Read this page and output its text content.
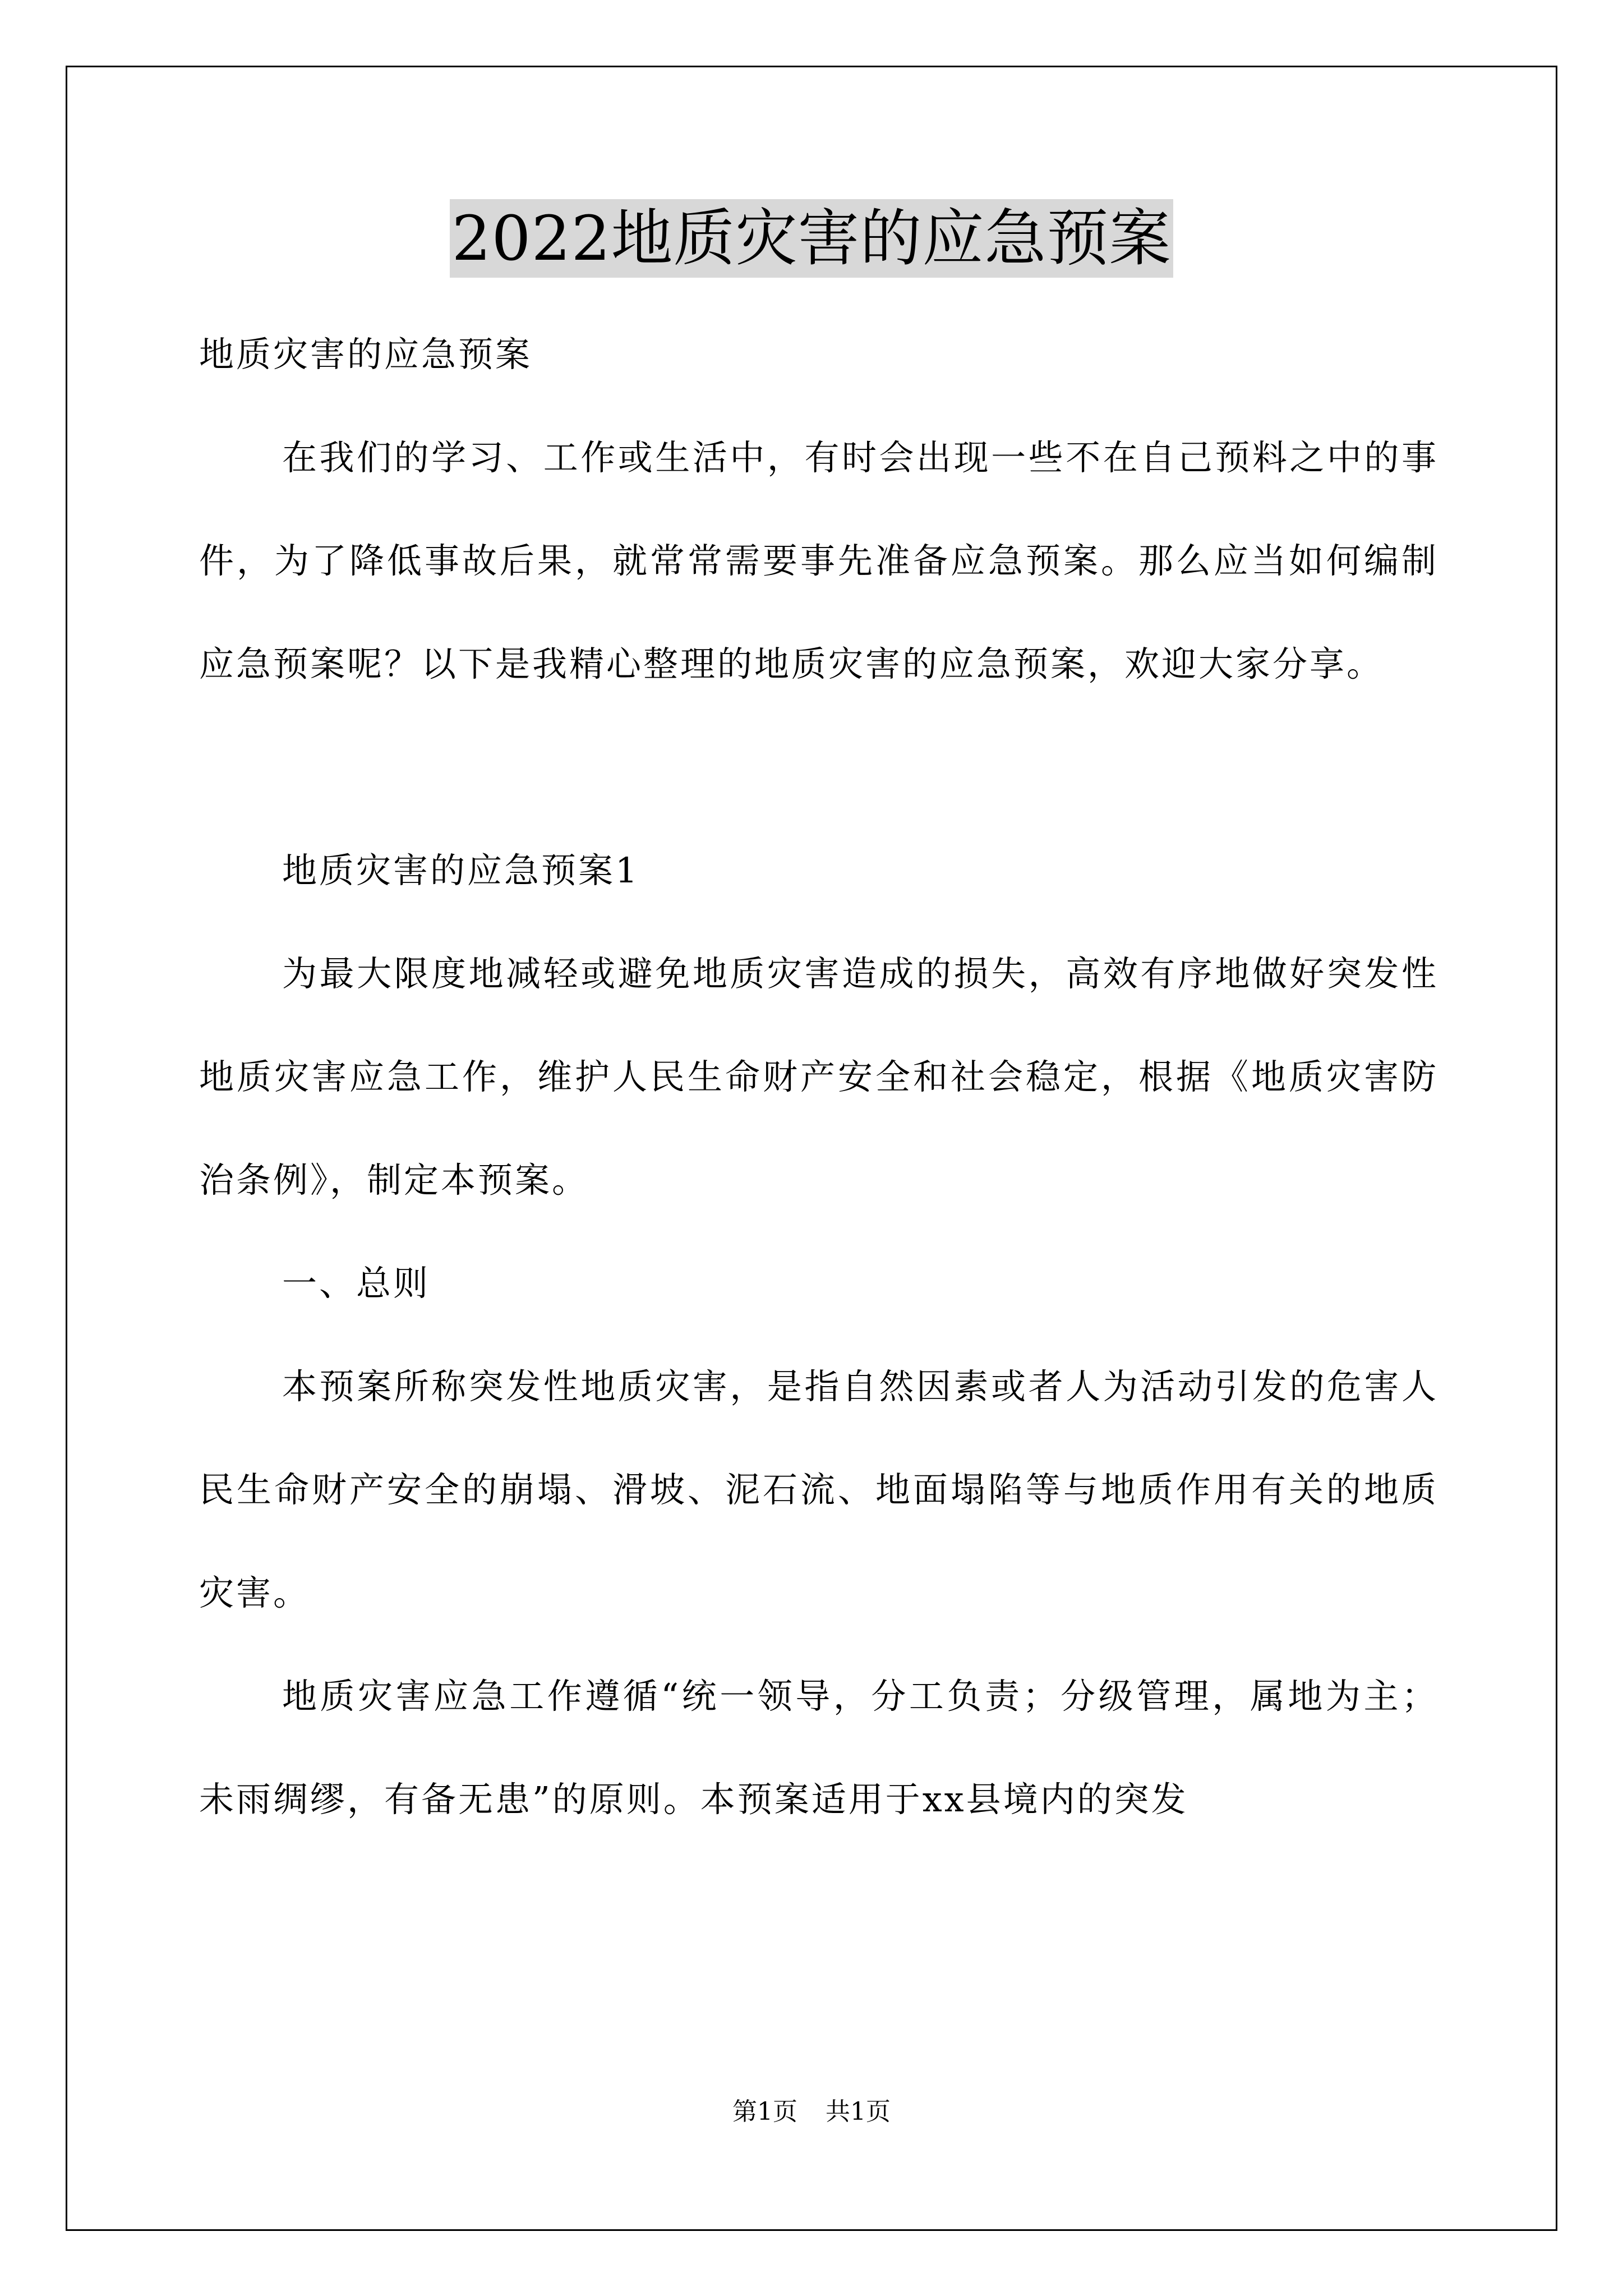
2022地质灾害的应急预案

地质灾害的应急预案

在我们的学习、工作或生活中，有时会出现一些不在自己预料之中的事件，为了降低事故后果，就常常需要事先准备应急预案。那么应当如何编制应急预案呢？以下是我精心整理的地质灾害的应急预案，欢迎大家分享。

地质灾害的应急预案1

为最大限度地减轻或避免地质灾害造成的损失，高效有序地做好突发性地质灾害应急工作，维护人民生命财产安全和社会稳定，根据《地质灾害防治条例》，制定本预案。

一、总则

本预案所称突发性地质灾害，是指自然因素或者人为活动引发的危害人民生命财产安全的崩塌、滑坡、泥石流、地面塌陷等与地质作用有关的地质灾害。

地质灾害应急工作遵循“统一领导，分工负责；分级管理，属地为主；未雨绸缪，有备无患”的原则。本预案适用于xx县境内的突发

第1页 共1页
